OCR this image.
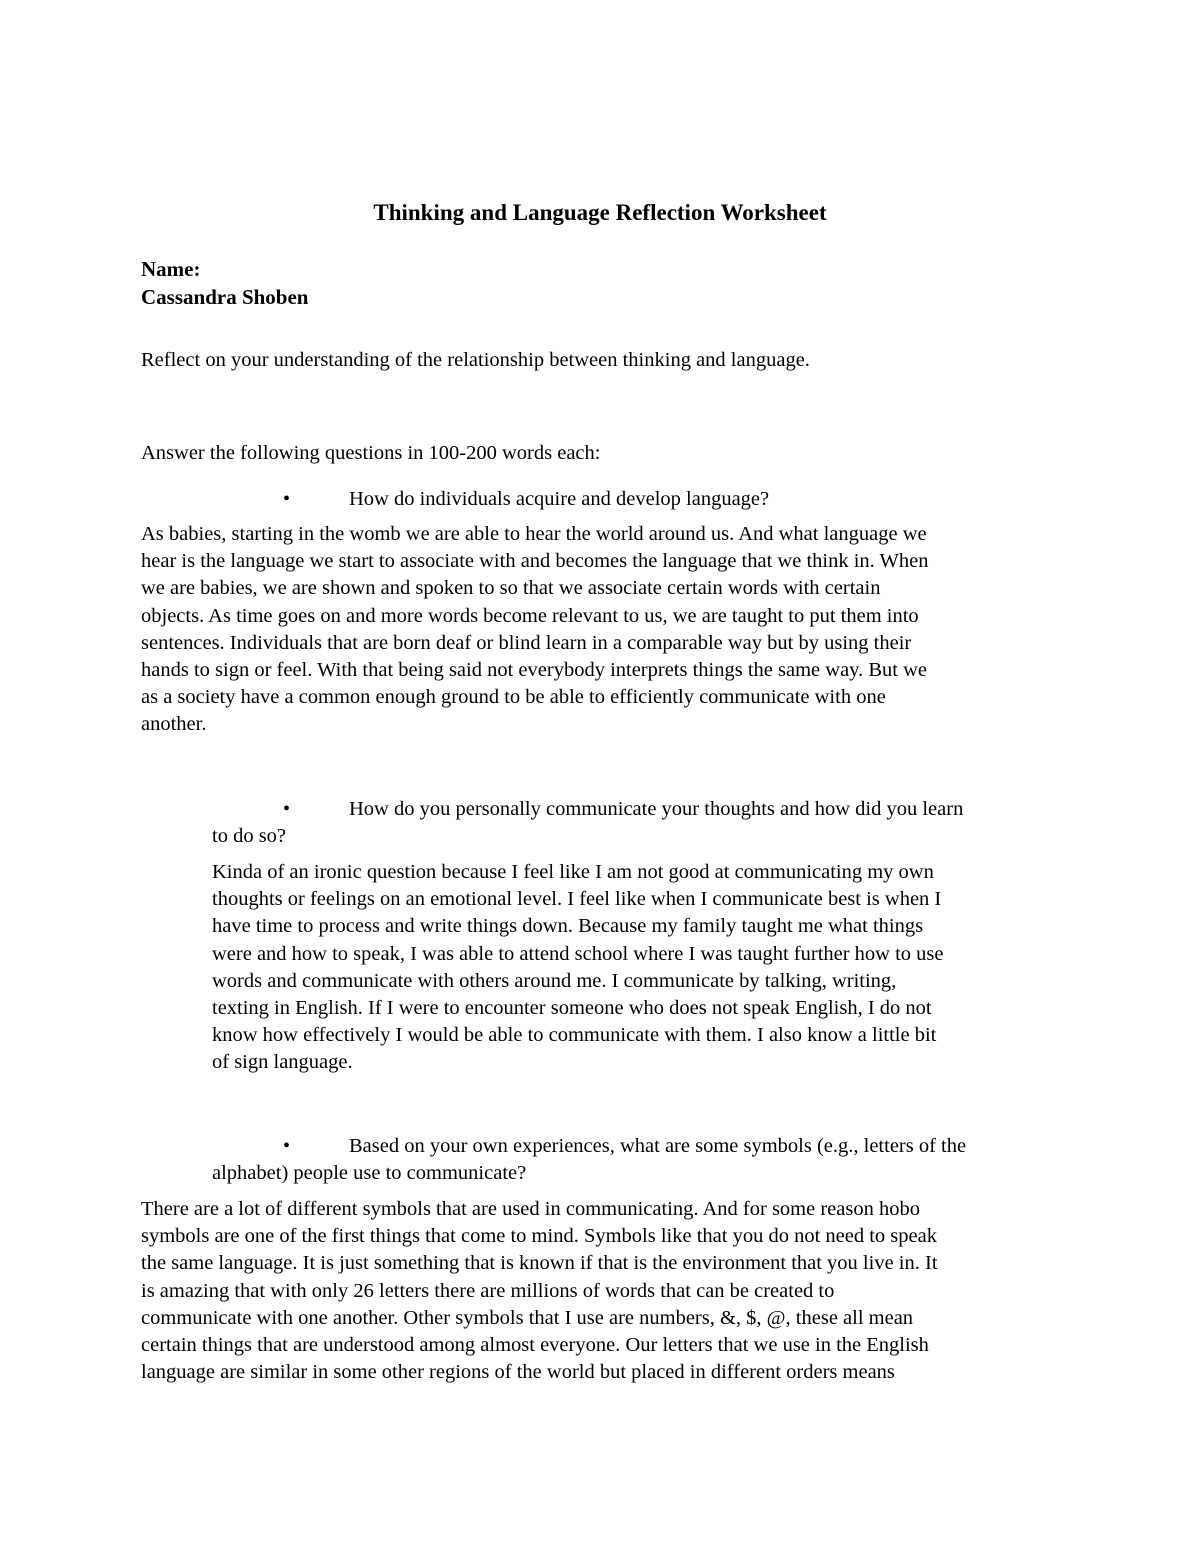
Thinking and Language Reflection Worksheet
Name:
Cassandra Shoben
Reflect on your understanding of the relationship between thinking and language.
Answer the following questions in 100-200 words each:
•	How do individuals acquire and develop language?
As babies, starting in the womb we are able to hear the world around us. And what language we
hear is the language we start to associate with and becomes the language that we think in. When
we are babies, we are shown and spoken to so that we associate certain words with certain
objects. As time goes on and more words become relevant to us, we are taught to put them into
sentences. Individuals that are born deaf or blind learn in a comparable way but by using their
hands to sign or feel. With that being said not everybody interprets things the same way. But we
as a society have a common enough ground to be able to efficiently communicate with one
another.
•	How do you personally communicate your thoughts and how did you learn
to do so?
Kinda of an ironic question because I feel like I am not good at communicating my own
thoughts or feelings on an emotional level. I feel like when I communicate best is when I
have time to process and write things down. Because my family taught me what things
were and how to speak, I was able to attend school where I was taught further how to use
words and communicate with others around me. I communicate by talking, writing,
texting in English. If I were to encounter someone who does not speak English, I do not
know how effectively I would be able to communicate with them. I also know a little bit
of sign language.
•	Based on your own experiences, what are some symbols (e.g., letters of the
alphabet) people use to communicate?
There are a lot of different symbols that are used in communicating. And for some reason hobo
symbols are one of the first things that come to mind. Symbols like that you do not need to speak
the same language. It is just something that is known if that is the environment that you live in. It
is amazing that with only 26 letters there are millions of words that can be created to
communicate with one another. Other symbols that I use are numbers, &, $, @, these all mean
certain things that are understood among almost everyone. Our letters that we use in the English
language are similar in some other regions of the world but placed in different orders means
